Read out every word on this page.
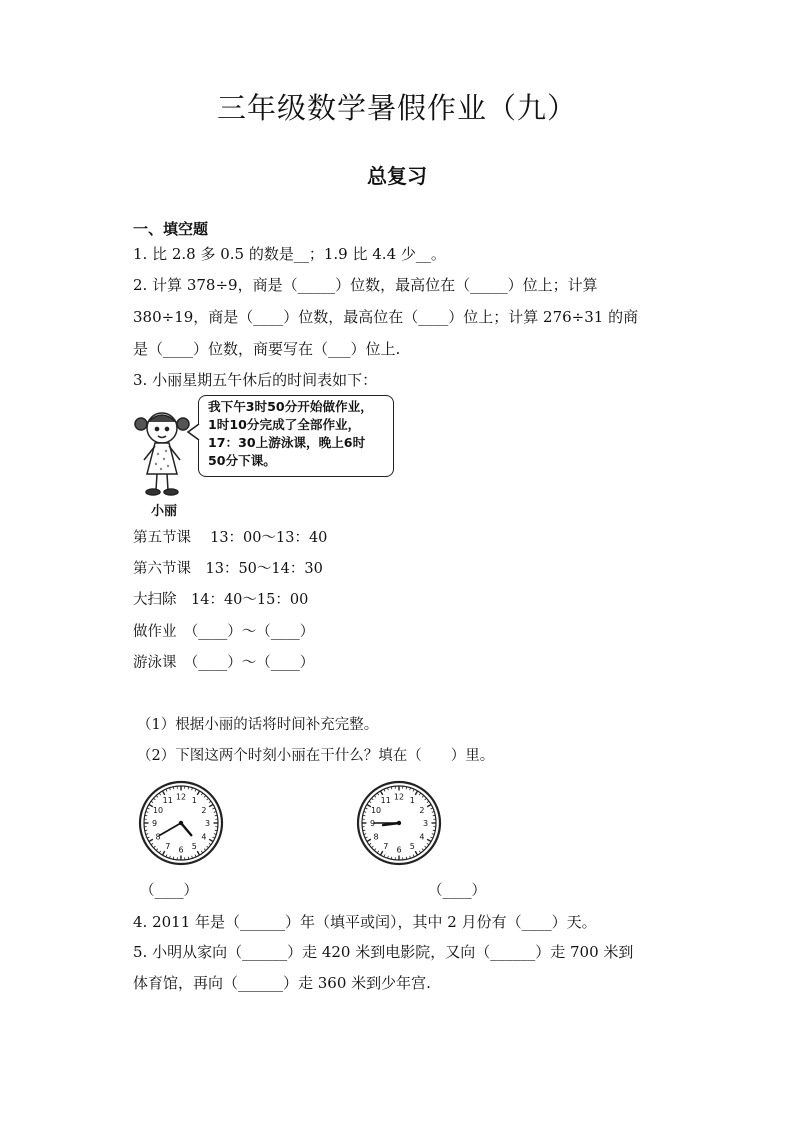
三年级数学暑假作业（九）
总复习
一、填空题
1. 比 2.8 多 0.5 的数是__；1.9 比 4.4 少__。
2. 计算 378÷9，商是（_____）位数，最高位在（_____）位上；计算
380÷19，商是（____）位数，最高位在（____）位上；计算 276÷31 的商
是（____）位数，商要写在（___）位上.
3. 小丽星期五午休后的时间表如下：
小丽
我下午3时50分开始做作业，
1时10分完成了全部作业，
17：30上游泳课，晚上6时
50分下课。
第五节课　 13：00～13：40
第六节课　13：50～14：30
大扫除　14：40～15：00
做作业　（____）～（____）
游泳课　（____）～（____）
（1）根据小丽的话将时间补充完整。
（2）下图这两个时刻小丽在干什么？填在（　　）里。
12 1
2
3
4
5
6
7
8
9
10
11	12 1
2
3
4
5
6
7
8
9
10
11
（____）	（____）
4. 2011 年是（______）年（填平或闰），其中 2 月份有（____）天。
5. 小明从家向（______）走 420 米到电影院，又向（______）走 700 米到
体育馆，再向（______）走 360 米到少年宫.
